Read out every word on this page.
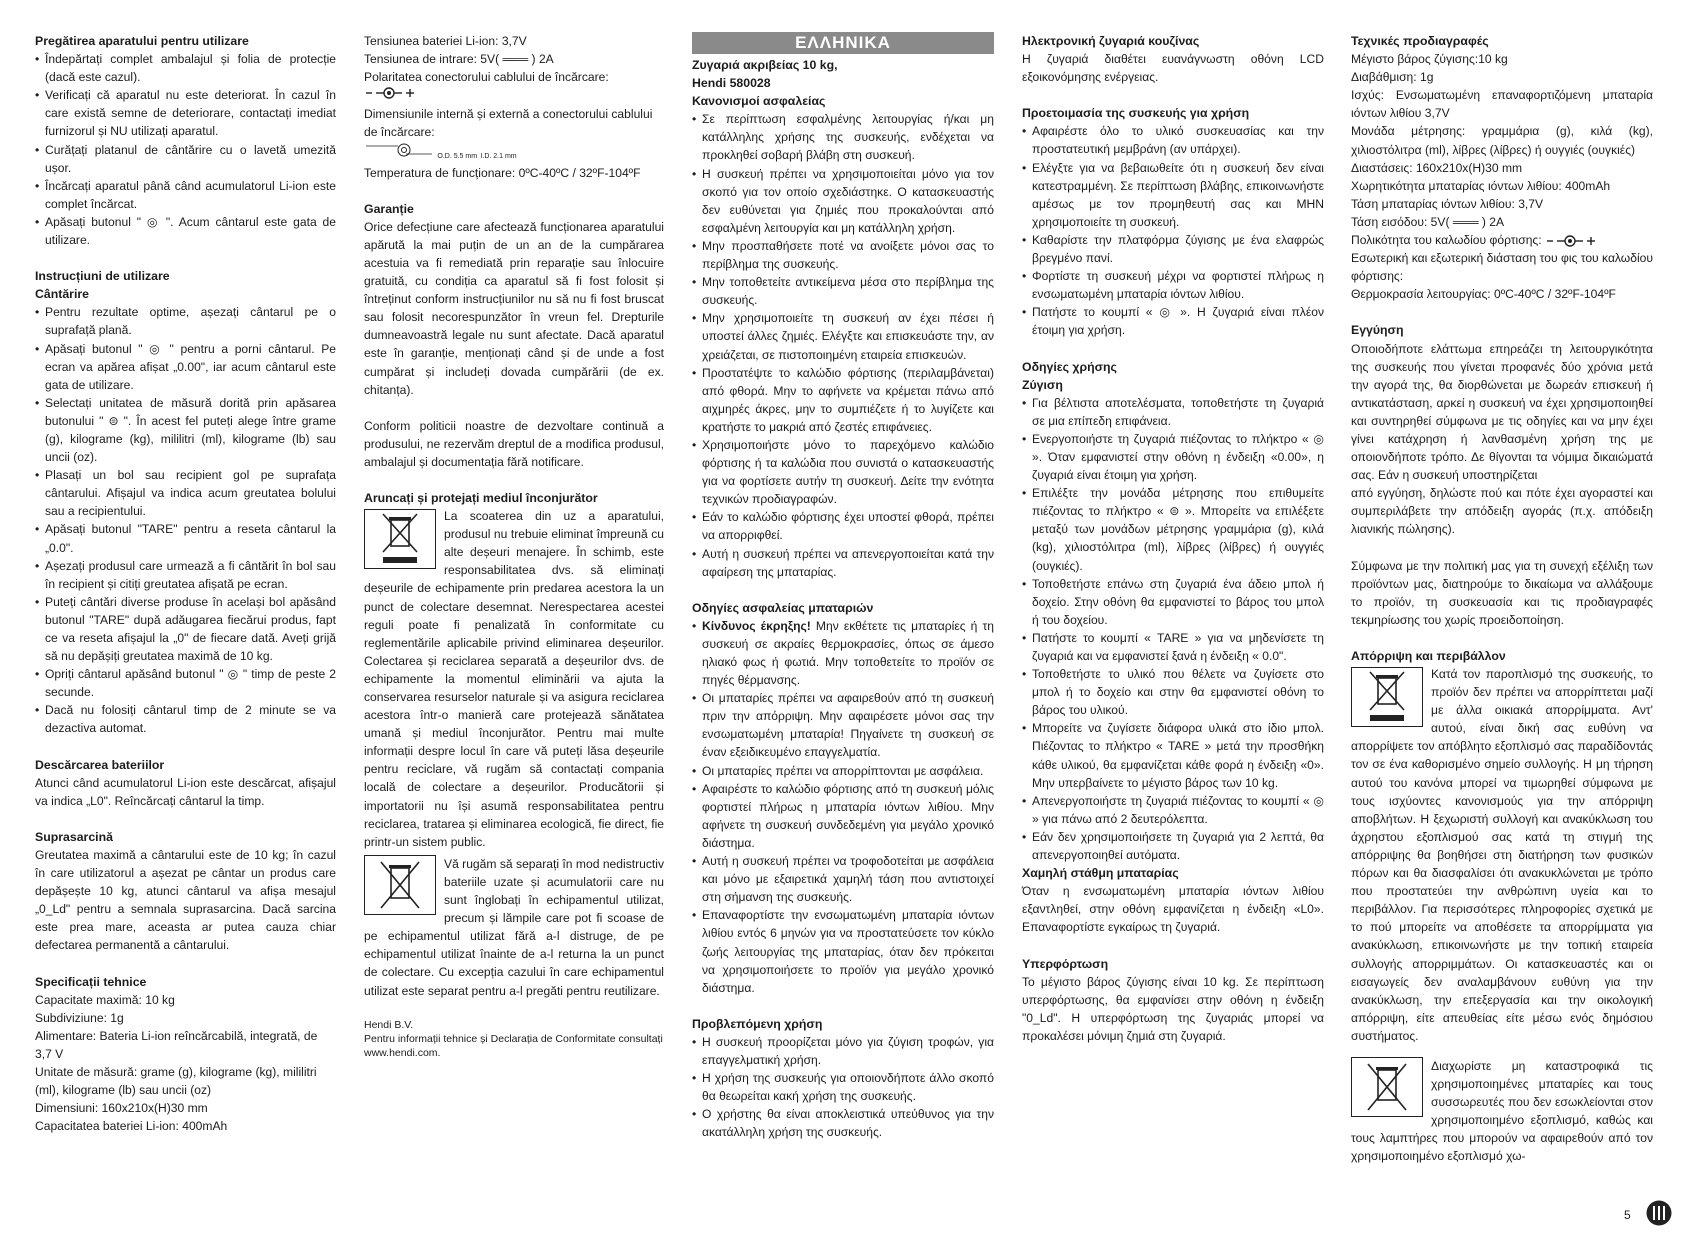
Pregătirea aparatului pentru utilizare
• Îndepărtați complet ambalajul și folia de protecție (dacă este cazul).
• Verificați că aparatul nu este deteriorat. În cazul în care există semne de deteriorare, contactați imediat furnizorul și NU utilizați aparatul.
• Curățați platanul de cântărire cu o lavetă umezită ușor.
• Încărcați aparatul până când acumulatorul Li-ion este complet încărcat.
• Apăsați butonul " ◎ ". Acum cântarul este gata de utilizare.
Instrucțiuni de utilizare
Cântărire
• Pentru rezultate optime, așezați cântarul pe o suprafață plană.
• Apăsați butonul " ◎ " pentru a porni cântarul. Pe ecran va apărea afișat „0.00", iar acum cântarul este gata de utilizare.
• Selectați unitatea de măsură dorită prin apăsarea butonului " ⊜ ". În acest fel puteți alege între grame (g), kilograme (kg), mililitri (ml), kilograme (lb) sau uncii (oz).
• Plasați un bol sau recipient gol pe suprafața cântarului. Afișajul va indica acum greutatea bolului sau a recipientului.
• Apăsați butonul "TARE" pentru a reseta cântarul la „0.0".
• Așezați produsul care urmează a fi cântărit în bol sau în recipient și citiți greutatea afișată pe ecran.
• Puteți cântări diverse produse în același bol apăsând butonul "TARE" după adăugarea fiecărui produs, fapt ce va reseta afișajul la „0" de fiecare dată. Aveți grijă să nu depășiți greutatea maximă de 10 kg.
• Opriți cântarul apăsând butonul " ◎ " timp de peste 2 secunde.
• Dacă nu folosiți cântarul timp de 2 minute se va dezactiva automat.
Descărcarea bateriilor

Atunci când acumulatorul Li-ion este descărcat, afișajul va indica „L0". Reîncărcați cântarul la timp.

Suprasarcină

Greutatea maximă a cântarului este de 10 kg; în cazul în care utilizatorul a așezat pe cântar un produs care depășește 10 kg, atunci cântarul va afișa mesajul „0_Ld" pentru a semnala suprasarcina. Dacă sarcina este prea mare, aceasta ar putea cauza chiar defectarea permanentă a cântarului.

Specificații tehnice

Capacitate maximă: 10 kg

Subdiviziune: 1g

Alimentare: Bateria Li-ion reîncărcabilă, integrată, de 3,7 V

Unitate de măsură: grame (g), kilograme (kg), mililitri (ml), kilograme (lb) sau uncii (oz)

Dimensiuni: 160x210x(H)30 mm

Capacitatea bateriei Li-ion: 400mAh

Tensiunea bateriei Li-ion: 3,7V

Tensiunea de intrare: 5V( ═══ ) 2A

Polaritatea conectorului cablului de încărcare:

Dimensiunile internă și externă a conectorului cablului de încărcare:

O.D. 5.5 mm I.D. 2.1 mm

Temperatura de funcționare: 0ºC-40ºC / 32ºF-104ºF

Garanție

Orice defecțiune care afectează funcționarea aparatului apărută la mai puțin de un an de la cumpărarea acestuia va fi remediată prin reparație sau înlocuire gratuită, cu condiția ca aparatul să fi fost folosit și întreținut conform instrucțiunilor nu să nu fi fost bruscat sau folosit necorespunzător în vreun fel. Drepturile dumneavoastră legale nu sunt afectate. Dacă aparatul este în garanție, menționați când și de unde a fost cumpărat și includeți dovada cumpărării (de ex. chitanța).

Conform politicii noastre de dezvoltare continuă a produsului, ne rezervăm dreptul de a modifica produsul, ambalajul și documentația fără notificare.

Aruncați și protejați mediul înconjurător

La scoaterea din uz a aparatului, produsul nu trebuie eliminat împreună cu alte deșeuri menajere. În schimb, este responsabilitatea dvs. să eliminați deșeurile de echipamente prin predarea acestora la un punct de colectare desemnat. Nerespectarea acestei reguli poate fi penalizată în conformitate cu reglementările aplicabile privind eliminarea deșeurilor. Colectarea și reciclarea separată a deșeurilor dvs. de echipamente la momentul eliminării va ajuta la conservarea resurselor naturale și va asigura reciclarea acestora într-o manieră care protejează sănătatea umană și mediul înconjurător. Pentru mai multe informații despre locul în care vă puteți lăsa deșeurile pentru reciclare, vă rugăm să contactați compania locală de colectare a deșeurilor. Producătorii și importatorii nu își asumă responsabilitatea pentru reciclarea, tratarea și eliminarea ecologică, fie direct, fie printr-un sistem public.

Vă rugăm să separați în mod nedistructiv bateriile uzate și acumulatorii care nu sunt înglobați în echipamentul utilizat, precum și lămpile care pot fi scoase de pe echipamentul utilizat fără a-l distruge, de pe echipamentul utilizat înainte de a-l returna la un punct de colectare. Cu excepția cazului în care echipamentul utilizat este separat pentru a-l pregăti pentru reutilizare.

Hendi B.V.

Pentru informații tehnice și Declarația de Conformitate consultați www.hendi.com.

ΕΛΛΗΝΙΚΑ
Ζυγαριά ακριβείας 10 kg,
Hendi 580028
Κανονισμοί ασφαλείας
• Σε περίπτωση εσφαλμένης λειτουργίας ή/και μη κατάλληλης χρήσης της συσκευής, ενδέχεται να προκληθεί σοβαρή βλάβη στη συσκευή.
• Η συσκευή πρέπει να χρησιμοποιείται μόνο για τον σκοπό για τον οποίο σχεδιάστηκε. Ο κατασκευαστής δεν ευθύνεται για ζημιές που προκαλούνται από εσφαλμένη λειτουργία και μη κατάλληλη χρήση.
• Μην προσπαθήσετε ποτέ να ανοίξετε μόνοι σας το περίβλημα της συσκευής.
• Μην τοποθετείτε αντικείμενα μέσα στο περίβλημα της συσκευής.
• Μην χρησιμοποιείτε τη συσκευή αν έχει πέσει ή υποστεί άλλες ζημιές. Ελέγξτε και επισκευάστε την, αν χρειάζεται, σε πιστοποιημένη εταιρεία επισκευών.
• Προστατέψτε το καλώδιο φόρτισης (περιλαμβάνεται) από φθορά. Μην το αφήνετε να κρέμεται πάνω από αιχμηρές άκρες, μην το συμπιέζετε ή το λυγίζετε και κρατήστε το μακριά από ζεστές επιφάνειες.
• Χρησιμοποιήστε μόνο το παρεχόμενο καλώδιο φόρτισης ή τα καλώδια που συνιστά ο κατασκευαστής για να φορτίσετε αυτήν τη συσκευή. Δείτε την ενότητα τεχνικών προδιαγραφών.
• Εάν το καλώδιο φόρτισης έχει υποστεί φθορά, πρέπει να απορριφθεί.
• Αυτή η συσκευή πρέπει να απενεργοποιείται κατά την αφαίρεση της μπαταρίας.
Οδηγίες ασφαλείας μπαταριών
• Κίνδυνος έκρηξης! Μην εκθέτετε τις μπαταρίες ή τη συσκευή σε ακραίες θερμοκρασίες, όπως σε άμεσο ηλιακό φως ή φωτιά. Μην τοποθετείτε το προϊόν σε πηγές θέρμανσης.
• Οι μπαταρίες πρέπει να αφαιρεθούν από τη συσκευή πριν την απόρριψη. Μην αφαιρέσετε μόνοι σας την ενσωματωμένη μπαταρία! Πηγαίνετε τη συσκευή σε έναν εξειδικευμένο επαγγελματία.
• Οι μπαταρίες πρέπει να απορρίπτονται με ασφάλεια.
• Αφαιρέστε το καλώδιο φόρτισης από τη συσκευή μόλις φορτιστεί πλήρως η μπαταρία ιόντων λιθίου. Μην αφήνετε τη συσκευή συνδεδεμένη για μεγάλο χρονικό διάστημα.
• Αυτή η συσκευή πρέπει να τροφοδοτείται με ασφάλεια και μόνο με εξαιρετικά χαμηλή τάση που αντιστοιχεί στη σήμανση της συσκευής.
• Επαναφορτίστε την ενσωματωμένη μπαταρία ιόντων λιθίου εντός 6 μηνών για να προστατεύσετε τον κύκλο ζωής λειτουργίας της μπαταρίας, όταν δεν πρόκειται να χρησιμοποιήσετε το προϊόν για μεγάλο χρονικό διάστημα.
Προβλεπόμενη χρήση
• Η συσκευή προορίζεται μόνο για ζύγιση τροφών, για επαγγελματική χρήση.
• Η χρήση της συσκευής για οποιονδήποτε άλλο σκοπό θα θεωρείται κακή χρήση της συσκευής.
• Ο χρήστης θα είναι αποκλειστικά υπεύθυνος για την ακατάλληλη χρήση της συσκευής.
Ηλεκτρονική ζυγαριά κουζίνας

Η ζυγαριά διαθέτει ευανάγνωστη οθόνη LCD εξοικονόμησης ενέργειας.

Προετοιμασία της συσκευής για χρήση
• Αφαιρέστε όλο το υλικό συσκευασίας και την προστατευτική μεμβράνη (αν υπάρχει).
• Ελέγξτε για να βεβαιωθείτε ότι η συσκευή δεν είναι κατεστραμμένη. Σε περίπτωση βλάβης, επικοινωνήστε αμέσως με τον προμηθευτή σας και ΜΗΝ χρησιμοποιείτε τη συσκευή.
• Καθαρίστε την πλατφόρμα ζύγισης με ένα ελαφρώς βρεγμένο πανί.
• Φορτίστε τη συσκευή μέχρι να φορτιστεί πλήρως η ενσωματωμένη μπαταρία ιόντων λιθίου.
• Πατήστε το κουμπί « ◎ ». Η ζυγαριά είναι πλέον έτοιμη για χρήση.
Οδηγίες χρήσης
Ζύγιση
• Για βέλτιστα αποτελέσματα, τοποθετήστε τη ζυγαριά σε μια επίπεδη επιφάνεια.
• Ενεργοποιήστε τη ζυγαριά πιέζοντας το πλήκτρο « ◎ ». Όταν εμφανιστεί στην οθόνη η ένδειξη «0.00», η ζυγαριά είναι έτοιμη για χρήση.
• Επιλέξτε την μονάδα μέτρησης που επιθυμείτε πιέζοντας το πλήκτρο « ⊜ ». Μπορείτε να επιλέξετε μεταξύ των μονάδων μέτρησης γραμμάρια (g), κιλά (kg), χιλιοστόλιτρα (ml), λίβρες (λίβρες) ή ουγγιές (ουγκιές).
• Τοποθετήστε επάνω στη ζυγαριά ένα άδειο μπολ ή δοχείο. Στην οθόνη θα εμφανιστεί το βάρος του μπολ ή του δοχείου.
• Πατήστε το κουμπί « TARE » για να μηδενίσετε τη ζυγαριά και να εμφανιστεί ξανά η ένδειξη « 0.0".
• Τοποθετήστε το υλικό που θέλετε να ζυγίσετε στο μπολ ή το δοχείο και στην θα εμφανιστεί οθόνη το βάρος του υλικού.
• Μπορείτε να ζυγίσετε διάφορα υλικά στο ίδιο μπολ. Πιέζοντας το πλήκτρο « TARE » μετά την προσθήκη κάθε υλικού, θα εμφανίζεται κάθε φορά η ένδειξη «0». Μην υπερβαίνετε το μέγιστο βάρος των 10 kg.
• Απενεργοποιήστε τη ζυγαριά πιέζοντας το κουμπί « ◎ » για πάνω από 2 δευτερόλεπτα.
• Εάν δεν χρησιμοποιήσετε τη ζυγαριά για 2 λεπτά, θα απενεργοποιηθεί αυτόματα.
Χαμηλή στάθμη μπαταρίας

Όταν η ενσωματωμένη μπαταρία ιόντων λιθίου εξαντληθεί, στην οθόνη εμφανίζεται η ένδειξη «L0». Επαναφορτίστε εγκαίρως τη ζυγαριά.

Υπερφόρτωση

Το μέγιστο βάρος ζύγισης είναι 10 kg. Σε περίπτωση υπερφόρτωσης, θα εμφανίσει στην οθόνη η ένδειξη "0_Ld". Η υπερφόρτωση της ζυγαριάς μπορεί να προκαλέσει μόνιμη ζημιά στη ζυγαριά.

Τεχνικές προδιαγραφές

Μέγιστο βάρος ζύγισης:10 kg

Διαβάθμιση: 1g

Ισχύς: Ενσωματωμένη επαναφορτιζόμενη μπαταρία ιόντων λιθίου 3,7V

Μονάδα μέτρησης: γραμμάρια (g), κιλά (kg), χιλιοστόλιτρα (ml), λίβρες (λίβρες) ή ουγγιές (ουγκιές)

Διαστάσεις: 160x210x(H)30 mm

Χωρητικότητα μπαταρίας ιόντων λιθίου: 400mAh

Τάση μπαταρίας ιόντων λιθίου: 3,7V

Τάση εισόδου: 5V( ═══ ) 2A

Πολικότητα του καλωδίου φόρτισης:

Εσωτερική και εξωτερική διάσταση του φις του καλωδίου φόρτισης:

Θερμοκρασία λειτουργίας: 0ºC-40ºC / 32ºF-104ºF

Εγγύηση

Οποιοδήποτε ελάττωμα επηρεάζει τη λειτουργικότητα της συσκευής που γίνεται προφανές δύο χρόνια μετά την αγορά της, θα διορθώνεται με δωρεάν επισκευή ή αντικατάσταση, αρκεί η συσκευή να έχει χρησιμοποιηθεί και συντηρηθεί σύμφωνα με τις οδηγίες και να μην έχει γίνει κατάχρηση ή λανθασμένη χρήση της με οποιονδήποτε τρόπο. Δε θίγονται τα νόμιμα δικαιώματά σας. Εάν η συσκευή υποστηρίζεται

από εγγύηση, δηλώστε πού και πότε έχει αγοραστεί και συμπεριλάβετε την απόδειξη αγοράς (π.χ. απόδειξη λιανικής πώλησης).

Σύμφωνα με την πολιτική μας για τη συνεχή εξέλιξη των προϊόντων μας, διατηρούμε το δικαίωμα να αλλάξουμε το προϊόν, τη συσκευασία και τις προδιαγραφές τεκμηρίωσης του χωρίς προειδοποίηση.

Απόρριψη και περιβάλλον

Κατά τον παροπλισμό της συσκευής, το προϊόν δεν πρέπει να απορρίπτεται μαζί με άλλα οικιακά απορρίμματα. Αντ' αυτού, είναι δική σας ευθύνη να απορρίψετε τον απόβλητο εξοπλισμό σας παραδίδοντάς τον σε ένα καθορισμένο σημείο συλλογής. Η μη τήρηση αυτού του κανόνα μπορεί να τιμωρηθεί σύμφωνα με τους ισχύοντες κανονισμούς για την απόρριψη αποβλήτων. Η ξεχωριστή συλλογή και ανακύκλωση του άχρηστου εξοπλισμού σας κατά τη στιγμή της απόρριψης θα βοηθήσει στη διατήρηση των φυσικών πόρων και θα διασφαλίσει ότι ανακυκλώνεται με τρόπο που προστατεύει την ανθρώπινη υγεία και το περιβάλλον. Για περισσότερες πληροφορίες σχετικά με το πού μπορείτε να αποθέσετε τα απορρίμματα για ανακύκλωση, επικοινωνήστε με την τοπική εταιρεία συλλογής απορριμμάτων. Οι κατασκευαστές και οι εισαγωγείς δεν αναλαμβάνουν ευθύνη για την ανακύκλωση, την επεξεργασία και την οικολογική απόρριψη, είτε απευθείας είτε μέσω ενός δημόσιου συστήματος.

Διαχωρίστε μη καταστροφικά τις χρησιμοποιημένες μπαταρίες και τους συσσωρευτές που δεν εσωκλείονται στον χρησιμοποιημένο εξοπλισμό, καθώς και τους λαμπτήρες που μπορούν να αφαιρεθούν από τον χρησιμοποιημένο εξοπλισμό χω-

5
